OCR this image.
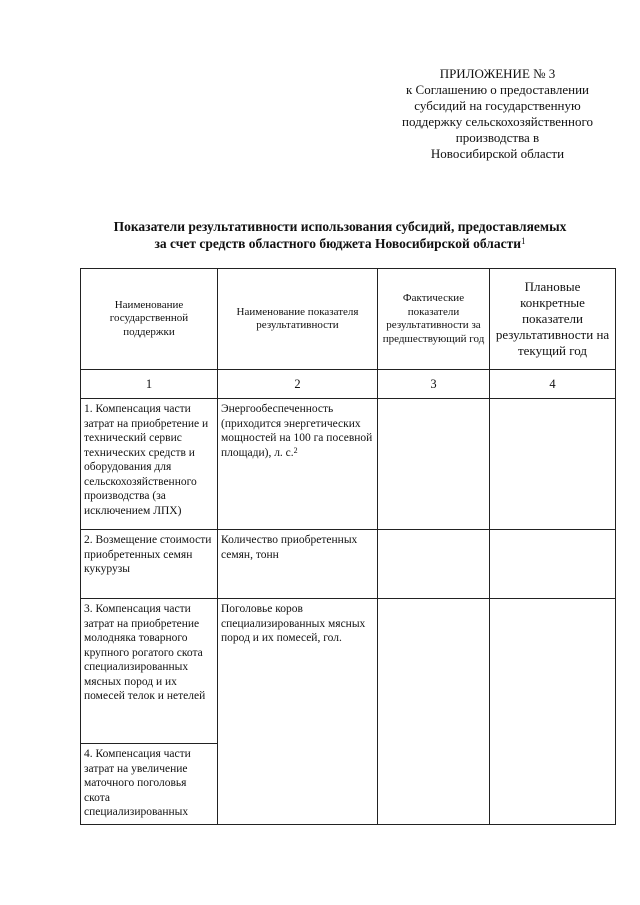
ПРИЛОЖЕНИЕ № 3
к Соглашению о предоставлении
субсидий на государственную
поддержку сельскохозяйственного
производства в
Новосибирской области
Показатели результативности использования субсидий, предоставляемых
за счет средств областного бюджета Новосибирской области$^1$
Наименование государственной поддержки	Наименование показателя результативности	Фактические показатели результативности за предшествующий год	Плановые конкретные показатели результативности на текущий год
1	2	3	4
1. Компенсация части затрат на приобретение и технический сервис технических средств и оборудования для сельскохозяйственного производства (за исключением ЛПХ)	Энергообеспеченность (приходится энергетических мощностей на 100 га посевной площади), л. с.$^2$		
2. Возмещение стоимости приобретенных семян кукурузы	Количество приобретенных семян, тонн		
3. Компенсация части затрат на приобретение молодняка товарного крупного рогатого скота специализированных мясных пород и их помесей телок и нетелей	Поголовье коров специализированных мясных пород и их помесей, гол.		

4. Компенсация части затрат на увеличение маточного поголовья скота специализированных			
